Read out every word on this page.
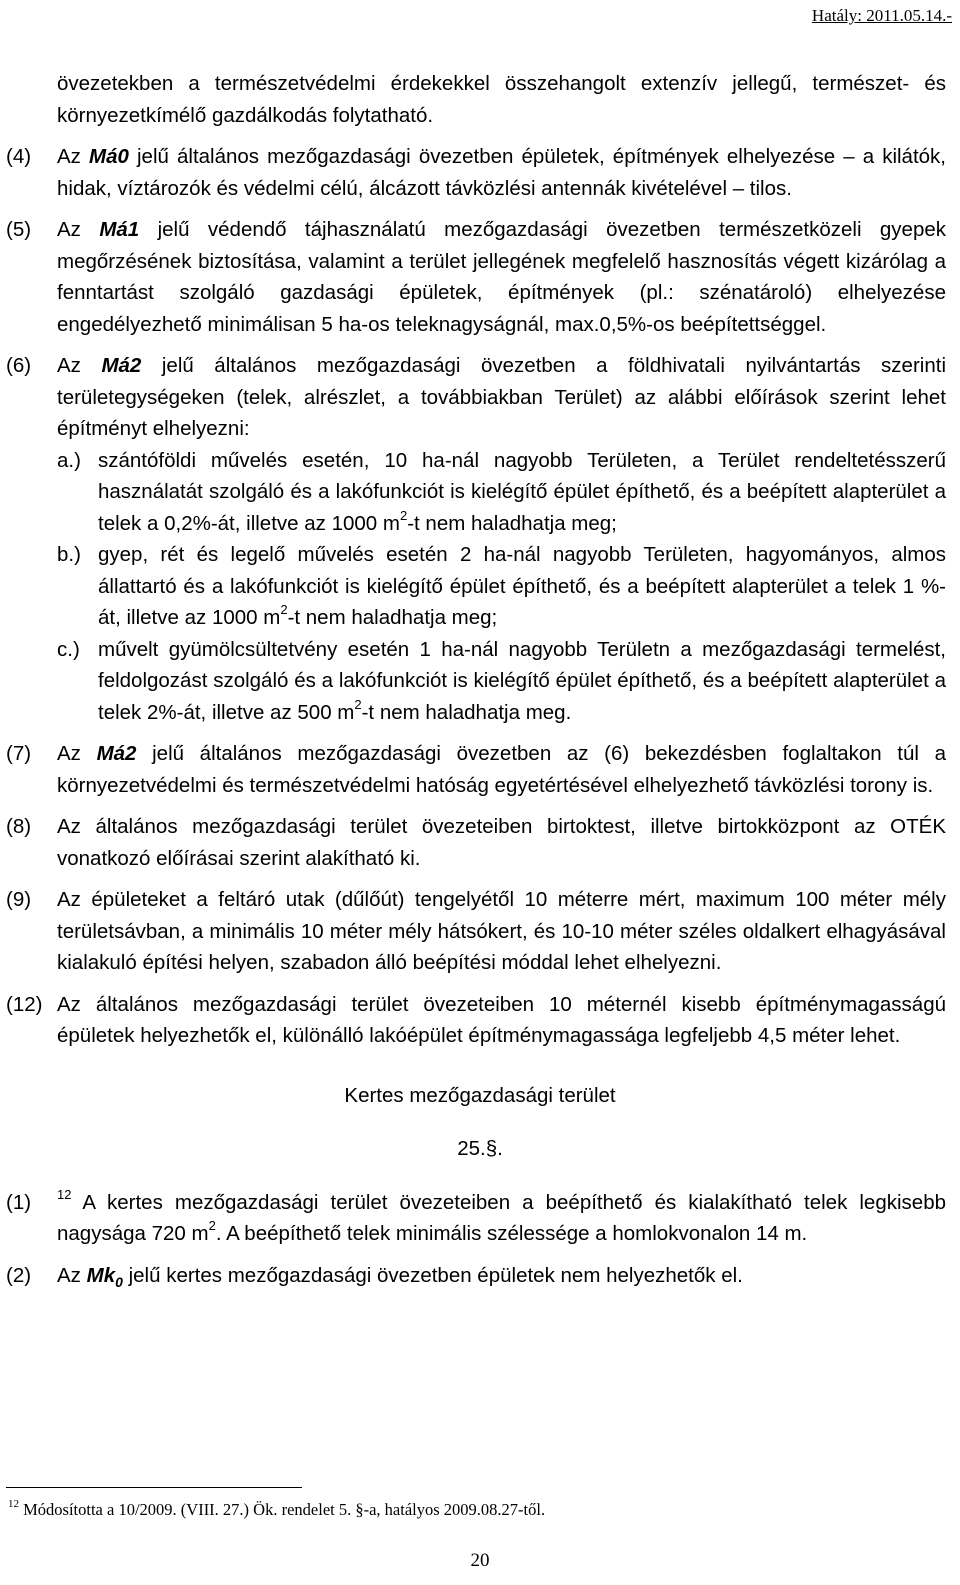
Hatály: 2011.05.14.-

övezetekben a természetvédelmi érdekekkel összehangolt extenzív jellegű, természet- és környezetkímélő gazdálkodás folytatható.

(4) Az Má0 jelű általános mezőgazdasági övezetben épületek, építmények elhelyezése – a kilátók, hidak, víztározók és védelmi célú, álcázott távközlési antennák kivételével – tilos.

(5) Az Má1 jelű védendő tájhasználatú mezőgazdasági övezetben természetközeli gyepek megőrzésének biztosítása, valamint a terület jellegének megfelelő hasznosítás végett kizárólag a fenntartást szolgáló gazdasági épületek, építmények (pl.: szénatároló) elhelyezése engedélyezhető minimálisan 5 ha-os teleknagyságnál, max.0,5%-os beépítettséggel.

(6) Az Má2 jelű általános mezőgazdasági övezetben a földhivatali nyilvántartás szerinti területegységeken (telek, alrészlet, a továbbiakban Terület) az alábbi előírások szerint lehet építményt elhelyezni:

a.) szántóföldi művelés esetén, 10 ha-nál nagyobb Területen, a Terület rendeltetésszerű használatát szolgáló és a lakófunkciót is kielégítő épület építhető, és a beépített alapterület a telek a 0,2%-át, illetve az 1000 $m^2-t$ nem haladhatja meg;

b.) gyep, rét és legelő művelés esetén 2 ha-nál nagyobb Területen, hagyományos, almos állattartó és a lakófunkciót is kielégítő épület építhető, és a beépített alapterület a telek 1 %-át, illetve az 1000 $m^2-t$ nem haladhatja meg;

c.) művelt gyümölcsültetvény esetén 1 ha-nál nagyobb Területn a mezőgazdasági termelést, feldolgozást szolgáló és a lakófunkciót is kielégítő épület építhető, és a beépített alapterület a telek 2%-át, illetve az 500 $m^2-t$ nem haladhatja meg.

(7) Az Má2 jelű általános mezőgazdasági övezetben az (6) bekezdésben foglaltakon túl a környezetvédelmi és természetvédelmi hatóság egyetértésével elhelyezhető távközlési torony is.

(8) Az általános mezőgazdasági terület övezeteiben birtoktest, illetve birtokközpont az OTÉK vonatkozó előírásai szerint alakítható ki.

(9) Az épületeket a feltáró utak (dűlőút) tengelyétől 10 méterre mért, maximum 100 méter mély területsávban, a minimális 10 méter mély hátsókert, és 10-10 méter széles oldalkert elhagyásával kialakuló építési helyen, szabadon álló beépítési móddal lehet elhelyezni.

(12) Az általános mezőgazdasági terület övezeteiben 10 méternél kisebb építménymagasságú épületek helyezhetők el, különálló lakóépület építménymagassága legfeljebb 4,5 méter lehet.

Kertes mezőgazdasági terület

25.§.

(1) $^{12}$ A kertes mezőgazdasági terület övezeteiben a beépíthető és kialakítható telek legkisebb nagysága 720 $m^2$. A beépíthető telek minimális szélessége a homlokvonalon 14 m.

(2) Az $Mk_0$ jelű kertes mezőgazdasági övezetben épületek nem helyezhetők el.

$^{12}$ Módosította a 10/2009. (VIII. 27.) Ök. rendelet 5. §-a, hatályos 2009.08.27-től.
20
